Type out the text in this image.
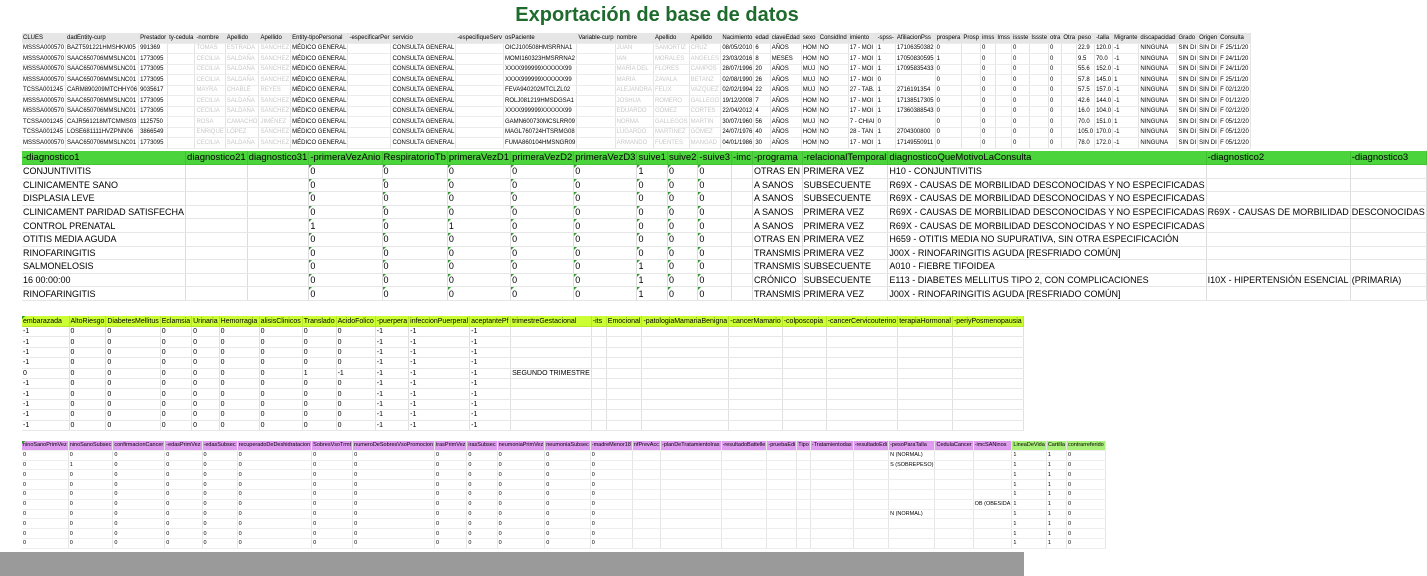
Exportación de base de datos
CLUES	dadEntity-curp	Prestador	ty-cedula	-nombre	Apellido	Apellido	Entity-tipoPersonal	-especificarPer	servicio	-especifiqueServ	osPaciente	Variable-curp	nombre	Apellido	Apellido	Nacimiento	edad	claveEdad	sexo	ConsidInd	imiento	-spss-	AfiliacionPss	prospera	Prosp	imss	Imss	issste	Issste	otra	Otra	peso	-talla	Migrante	discapacidad	Grado	Origen	Consulta
MSSSA000570	BAZT591221HMSHKM05	991369		TOMAS	ESTRADA	SANCHEZ	MÉDICO GENERAL		CONSULTA GENERAL		OICJ100508HMSRRNA1		JUAN	SAMORTIZ	CRUZ	08/05/2010	6	AÑOS	HOM	NO	17 - MOI	1	17106350382	0		0		0		0		22.9	120.0	-1	NINGUNA	SIN DI	SIN DI	F 25/11/20
MSSSA000570	SAAC650706MMSLNC01	1773095		CECILIA	SALDAÑA	SANCHEZ	MÉDICO GENERAL		CONSULTA GENERAL		MOMI160323HMSRRNA2		IAN	MORALES	ANGELES	23/03/2016	8	MESES	HOM	NO	17 - MOI	1	17050830595	1		0		0		0		9.5	70.0	-1	NINGUNA	SIN DI	SIN DI	F 24/11/20
MSSSA000570	SAAC650706MMSLNC01	1773095		CECILIA	SALDAÑA	SANCHEZ	MÉDICO GENERAL		CONSULTA GENERAL		XXXX999999XXXXXX99		MARÍA DEL	FLORES	CAMPOS	28/07/1996	20	AÑOS	MUJ	NO	17 - MOI	1	17095835433	0		0		0		0		55.6	152.0	-1	NINGUNA	SIN DI	SIN DI	F 24/11/20
MSSSA000570	SAAC650706MMSLNC01	1773095		CECILIA	SALDAÑA	SANCHEZ	MÉDICO GENERAL		CONSULTA GENERAL		XXXX999999XXXXXX99		MARIA	ZAVALA	BETANZ	02/08/1990	26	AÑOS	MUJ	NO	17 - MOI	0		0		0		0		0		57.8	145.0	1	NINGUNA	SIN DI	SIN DI	F 25/11/20
TCSSA001245	CARM890209MTCHHY06	9035617		MAYRA	CHABLÉ	REYES	MÉDICO GENERAL		CONSULTA GENERAL		FEVA940202MTCLZL02		ALEJANDRA	FELIX	VAZQUEZ	02/02/1994	22	AÑOS	MUJ	NO	27 - TAB.	1	2716191354	0		0		0		0		57.5	157.0	-1	NINGUNA	SIN DI	SIN DI	F 02/12/20
MSSSA000570	SAAC650706MMSLNC01	1773095		CECILIA	SALDAÑA	SANCHEZ	MÉDICO GENERAL		CONSULTA GENERAL		ROLJ081219HMSDGSA1		JOSHUA	ROMERO	GALLEGO	19/12/2008	7	AÑOS	HOM	NO	17 - MOI	1	17138517305	0		0		0		0		42.6	144.0	-1	NINGUNA	SIN DI	SIN DI	F 01/12/20
MSSSA000570	SAAC650706MMSLNC01	1773095		CECILIA	SALDAÑA	SANCHEZ	MÉDICO GENERAL		CONSULTA GENERAL		XXXX999999XXXXXX99		EDUARDO	GÓMEZ	CORTES	22/04/2012	4	AÑOS	HOM	NO	17 - MOI	1	17360388543	0		0		0		0		16.0	104.0	-1	NINGUNA	SIN DI	SIN DI	F 02/12/20
TCSSA001245	CAJR561218MTCMMS03	1125750		ROSA	CAMACHO	JIMÉNEZ	MÉDICO GENERAL		CONSULTA GENERAL		GAMN600730MCSLRR09		NORMA	GALLEGOS	MARTIN	30/07/1960	56	AÑOS	MUJ	NO	7 - CHIAI	0		0		0		0		0		70.0	151.0	1	NINGUNA	SIN DI	SIN DI	F 05/12/20
TCSSA001245	LOSE681111HVZPNN06	3866549		ENRIQUE	LÓPEZ	SÁNCHEZ	MÉDICO GENERAL		CONSULTA GENERAL		MAGL760724HTSRMG08		LUGARDO	MARTINEZ	GÓMEZ	24/07/1976	40	AÑOS	HOM	NO	28 - TAN	1	2704300800	0		0		0		0		105.0	170.0	-1	NINGUNA	SIN DI	SIN DI	F 05/12/20
MSSSA000570	SAAC650706MMSLNC01	1773095		CECILIA	SALDAÑA	SANCHEZ	MÉDICO GENERAL		CONSULTA GENERAL		FUMA860104HMSNGR09		ARMANDO	FUENTES	MANGAD	04/01/1986	30	AÑOS	HOM	NO	17 - MOI	1	17149550911	0		0		0		0		78.0	172.0	-1	NINGUNA	SIN DI	SIN DI	F 05/12/20
-diagnostico1	diagnostico21	diagnostico31	-primeraVezAnio	RespiratorioTb	primeraVezD1	primeraVezD2	primeraVezD3	suive1	suive2	-suive3	-imc	-programa	-relacionalTemporal	diagnosticoQueMotivoLaConsulta	-diagnostico2	-diagnostico3
CONJUNTIVITIS			0	0	0	0	0	1	0	0		OTRAS EN	PRIMERA VEZ	H10 - CONJUNTIVITIS		
CLINICAMENTE SANO			0	0	0	0	0	0	0	0		A SANOS	SUBSECUENTE	R69X - CAUSAS DE MORBILIDAD DESCONOCIDAS Y NO ESPECIFICADAS		
DISPLASIA LEVE			0	0	0	0	0	0	0	0		A SANOS	SUBSECUENTE	R69X - CAUSAS DE MORBILIDAD DESCONOCIDAS Y NO ESPECIFICADAS		
CLINICAMENT PARIDAD SATISFECHA			0	0	0	0	0	0	0	0		A SANOS	PRIMERA VEZ	R69X - CAUSAS DE MORBILIDAD DESCONOCIDAS Y NO ESPECIFICADAS	R69X - CAUSAS DE MORBILIDAD	DESCONOCIDAS
CONTROL PRENATAL			1	0	1	0	0	0	0	0		A SANOS	PRIMERA VEZ	R69X - CAUSAS DE MORBILIDAD DESCONOCIDAS Y NO ESPECIFICADAS		
OTITIS MEDIA AGUDA			0	0	0	0	0	0	0	0		OTRAS EN	PRIMERA VEZ	H659 - OTITIS MEDIA NO SUPURATIVA, SIN OTRA ESPECIFICACIÓN		
RINOFARINGITIS			0	0	0	0	0	0	0	0		TRANSMIS	PRIMERA VEZ	J00X - RINOFARINGITIS AGUDA [RESFRIADO COMÚN]		
SALMONELOSIS			0	0	0	0	0	1	0	0		TRANSMIS	SUBSECUENTE	A010 - FIEBRE TIFOIDEA		
16 00:00:00			0	0	0	0	0	1	0	0		CRÓNICO	SUBSECUENTE	E113 - DIABETES MELLITUS TIPO 2, CON COMPLICACIONES	I10X - HIPERTENSIÓN ESENCIAL	(PRIMARIA)
RINOFARINGITIS			0	0	0	0	0	1	0	0		TRANSMIS	PRIMERA VEZ	J00X - RINOFARINGITIS AGUDA [RESFRIADO COMÚN]		
embarazada	AltoRiesgo	DiabetesMellitus	Eclamsia	Urinaria	Hemorragia	alisisClinicos	Translado	AcidoFolico	-puerpera	infeccionPuerperal	aceptantePf	trimestreGestacional	-its	Emocional	-patologiaMamariaBenigna	-cancerMamario	-colposcopia	-cancerCervicouterino	terapiaHormonal	-periyPosmenopausia
-1	0	0	0	0	0	0	0	0	-1	-1	-1

-1	0	0	0	0	0	0	0	0	-1	-1	-1

-1	0	0	0	0	0	0	0	0	-1	-1	-1

-1	0	0	0	0	0	0	0	0	-1	-1	-1

0	0	0	0	0	0	0	1	-1	-1	-1	-1	SEGUNDO TRIMESTRE								
-1	0	0	0	0	0	0	0	0	-1	-1	-1

-1	0	0	0	0	0	0	0	0	-1	-1	-1

-1	0	0	0	0	0	0	0	0	-1	-1	-1

-1	0	0	0	0	0	0	0	0	-1	-1	-1

-1	0	0	0	0	0	0	0	0	-1	-1	-1

ninoSanoPrimVez	ninoSanoSubsec	confirmacionCancer	-edasPrimVez	-edasSubsec	recuperadoDeDeshidratacion	SobresVsoTrmt	numeroDeSobresVsoPromocion	irasPrimVez	irasSubsec	neumoniaPrimVez	neumoniaSubsec	-madreMenor18	nfPrevAcc	-planDeTratamientoIras	-resultadoBattelle	-pruebaEdi	Tipo	-Tratamientodas	-resultadoEdi	-pesoParaTalla	CedulaCancer	-imcSANinos	LineaDeVida	Cartilla	contrarreferido
0	0	0	0	0	0	0	0	0	0	0	0	0								N (NORMAL)			1	1	0

0	1	0	0	0	0	0	0	0	0	0	0	0								S (SOBREPESO)			1	1	0

0	0	0	0	0	0	0	0	0	0	0	0	0											1	1	0

0	0	0	0	0	0	0	0	0	0	0	0	0											1	1	0

0	0	0	0	0	0	0	0	0	0	0	0	0											1	1	0

0	0	0	0	0	0	0	0	0	0	0	0	0										OB (OBESIDA	1	1	0

0	0	0	0	0	0	0	0	0	0	0	0	0								N (NORMAL)			1	1	0

0	0	0	0	0	0	0	0	0	0	0	0	0											1	1	0

0	0	0	0	0	0	0	0	0	0	0	0	0											1	1	0

0	0	0	0	0	0	0	0	0	0	0	0	0											1	1	0
